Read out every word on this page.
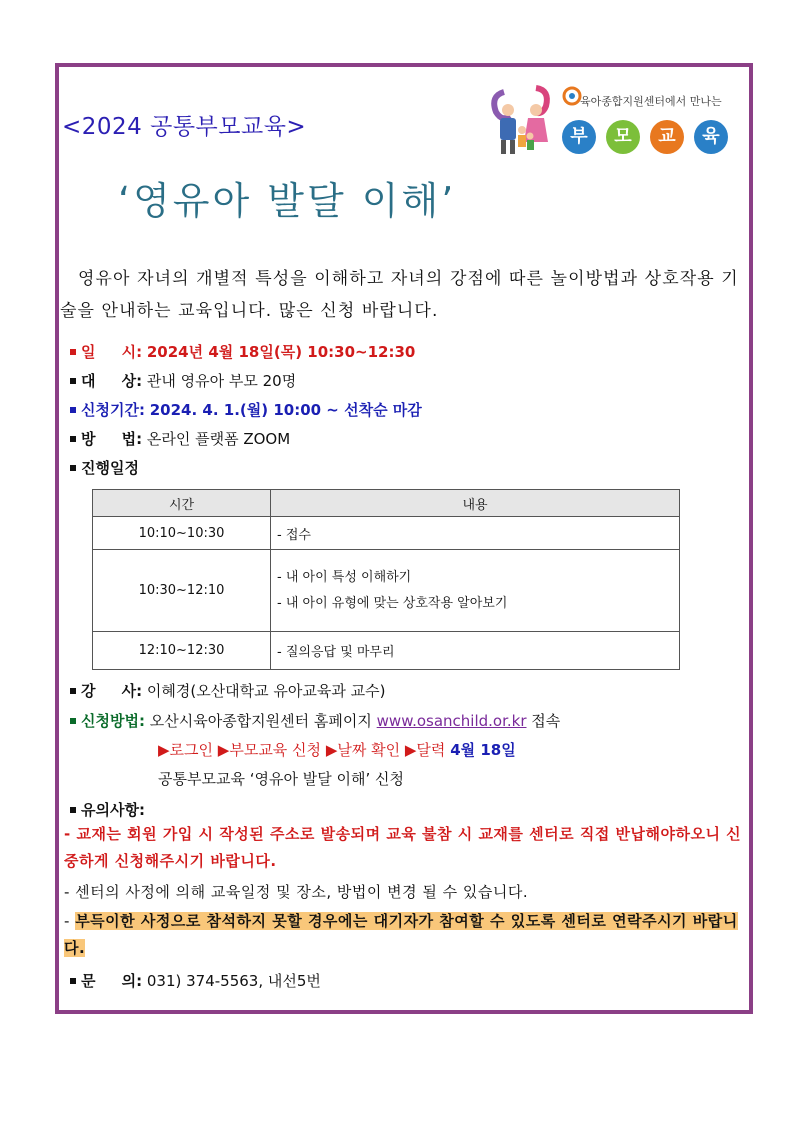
<2024 공통부모교육>
육아종합지원센터에서 만나는
부	모	교	육
‘영유아 발달 이해’
영유아 자녀의 개별적 특성을 이해하고 자녀의 강점에 따른 놀이방법과 상호작용 기술을 안내하는 교육입니다. 많은 신청 바랍니다.
일     시: 2024년 4월 18일(목) 10:30~12:30
대     상: 관내 영유아 부모 20명
신청기간: 2024. 4. 1.(월) 10:00 ~ 선착순 마감
방     법: 온라인 플랫폼 ZOOM
진행일정
시간	내용
10:10~10:30	- 접수
10:30~12:10	- 내 아이 특성 이해하기
- 내 아이 유형에 맞는 상호작용 알아보기

12:10~12:30	- 질의응답 및 마무리
강     사: 이혜경(오산대학교 유아교육과 교수)
신청방법: 오산시육아종합지원센터 홈페이지 www.osanchild.or.kr 접속
▶로그인 ▶부모교육 신청 ▶날짜 확인 ▶달력 4월 18일
공통부모교육 ‘영유아 발달 이해’ 신청
유의사항:
- 교재는 회원 가입 시 작성된 주소로 발송되며 교육 불참 시 교재를 센터로 직접 반납해야하오니 신중하게 신청해주시기 바랍니다.
- 센터의 사정에 의해 교육일정 및 장소, 방법이 변경 될 수 있습니다.
- 부득이한 사정으로 참석하지 못할 경우에는 대기자가 참여할 수 있도록 센터로 연락주시기 바랍니다.
문     의: 031) 374-5563, 내선5번
